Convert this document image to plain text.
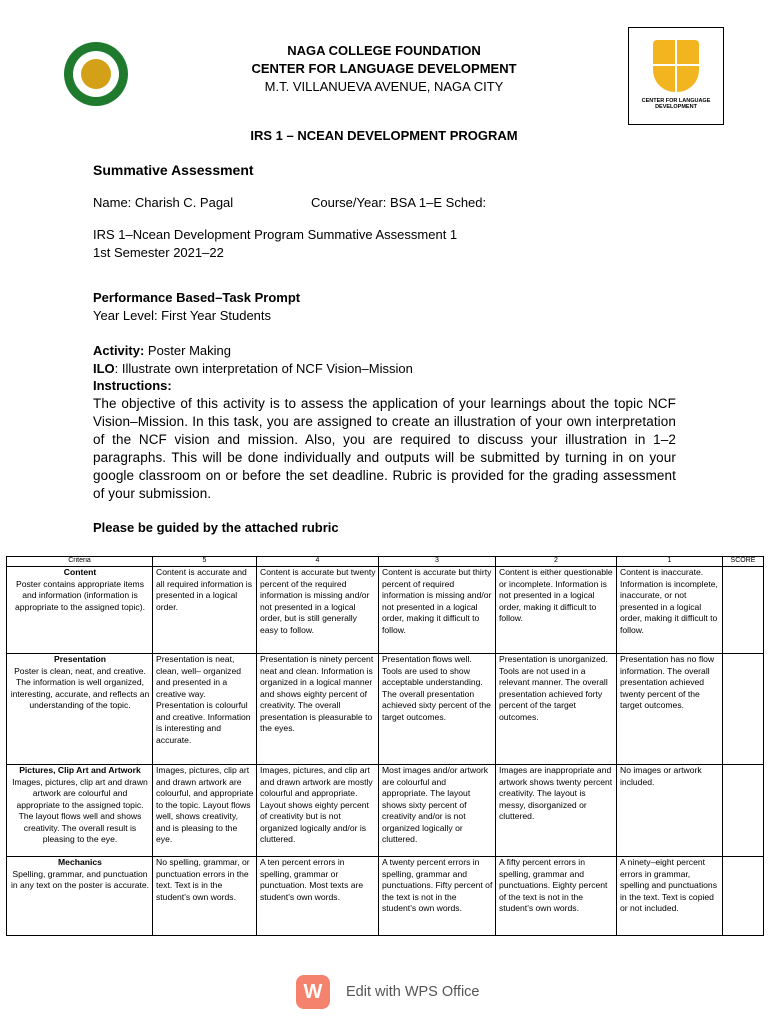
CENTER FOR LANGUAGE DEVELOPMENT
NAGA COLLEGE FOUNDATION
CENTER FOR LANGUAGE DEVELOPMENT
M.T. VILLANUEVA AVENUE, NAGA CITY
IRS 1 – NCEAN DEVELOPMENT PROGRAM
Summative Assessment
Name: Charish C. Pagal	Course/Year: BSA 1–E Sched:
IRS 1–Ncean Development Program Summative Assessment 1
1st Semester 2021–22
Performance Based–Task Prompt
Year Level: First Year Students
Activity: Poster Making
ILO: Illustrate own interpretation of NCF Vision–Mission
Instructions:
The objective of this activity is to assess the application of your learnings about the topic NCF Vision–Mission. In this task, you are assigned to create an illustration of your own interpretation of the NCF vision and mission. Also, you are required to discuss your illustration in 1–2 paragraphs. This will be done individually and outputs will be submitted by turning in on your google classroom on or before the set deadline. Rubric is provided for the grading assessment of your submission.
Please be guided by the attached rubric
Criteria	5	4	3	2	1	SCORE

Content
Poster contains appropriate items and information (information is appropriate to the assigned topic).	Content is accurate and all required information is presented in a logical order.	Content is accurate but twenty percent of the required information is missing and/or not presented in a logical order, but is still generally easy to follow.	Content is accurate but thirty percent of required information is missing and/or not presented in a logical order, making it difficult to follow.	Content is either questionable or incomplete. Information is not presented in a logical order, making it difficult to follow.	Content is inaccurate. Information is incomplete, inaccurate, or not presented in a logical order, making it difficult to follow.	

Presentation
Poster is clean, neat, and creative. The information is well organized, interesting, accurate, and reflects an understanding of the topic.	Presentation is neat, clean, well– organized and presented in a creative way. Presentation is colourful and creative. Information is interesting and accurate.	Presentation is ninety percent neat and clean. Information is organized in a logical manner and shows eighty percent of creativity. The overall presentation is pleasurable to the eyes.	Presentation flows well. Tools are used to show acceptable understanding. The overall presentation achieved sixty percent of the target outcomes.	Presentation is unorganized. Tools are not used in a relevant manner. The overall presentation achieved forty percent of the target outcomes.	Presentation has no flow information. The overall presentation achieved twenty percent of the target outcomes.	

Pictures, Clip Art and Artwork
Images, pictures, clip art and drawn artwork are colourful and appropriate to the assigned topic. The layout flows well and shows creativity. The overall result is pleasing to the eye.	Images, pictures, clip art and drawn artwork are colourful, and appropriate to the topic. Layout flows well, shows creativity, and is pleasing to the eye.	Images, pictures, and clip art and drawn artwork are mostly colourful and appropriate. Layout shows eighty percent of creativity but is not organized logically and/or is cluttered.	Most images and/or artwork are colourful and appropriate. The layout shows sixty percent of creativity and/or is not organized logically or cluttered.	Images are inappropriate and artwork shows twenty percent creativity. The layout is messy, disorganized or cluttered.	No images or artwork included.	

Mechanics
Spelling, grammar, and punctuation in any text on the poster is accurate.	No spelling, grammar, or punctuation errors in the text. Text is in the student's own words.	A ten percent errors in spelling, grammar or punctuation. Most texts are student's own words.	A twenty percent errors in spelling, grammar and punctuations. Fifty percent of the text is not in the student's own words.	A fifty percent errors in spelling, grammar and punctuations. Eighty percent of the text is not in the student's own words.	A ninety–eight percent errors in grammar, spelling and punctuations in the text. Text is copied or not included.	
W	Edit with WPS Office
